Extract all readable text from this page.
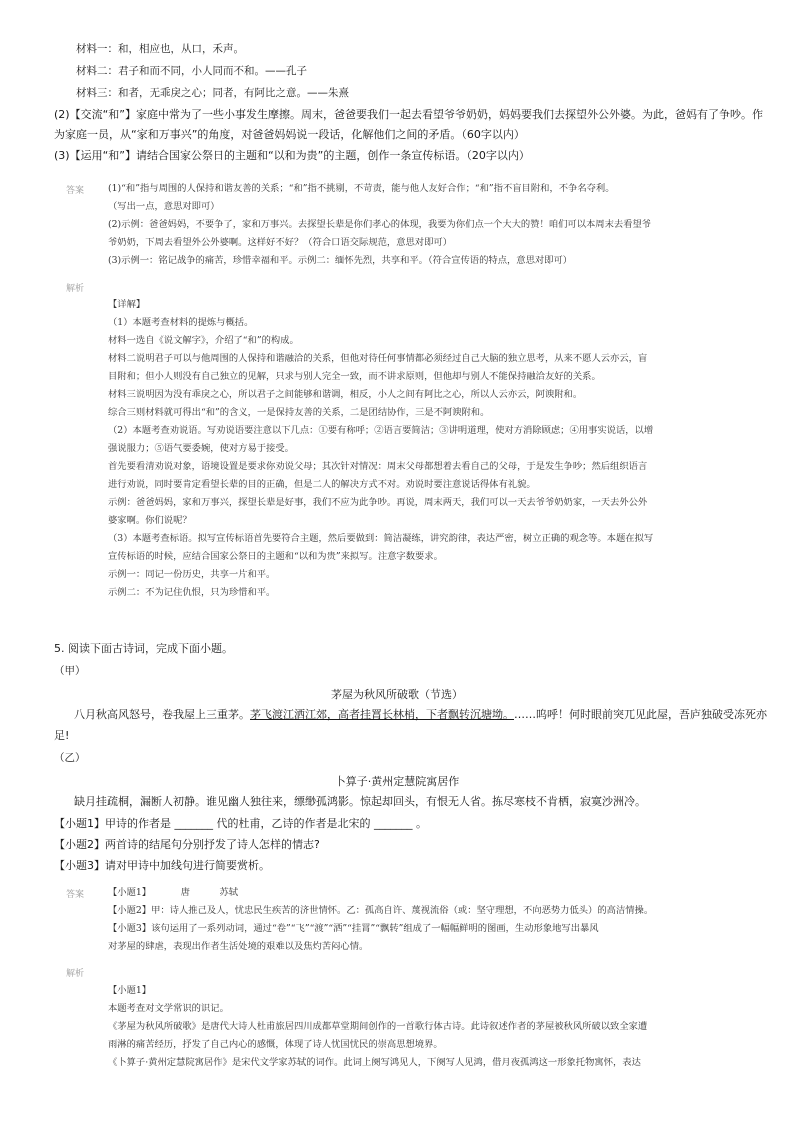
材料一：和，相应也，从口，禾声。
材料二：君子和而不同，小人同而不和。——孔子
材料三：和者，无乖戾之心；同者，有阿比之意。——朱熹
(2)【交流“和”】家庭中常为了一些小事发生摩擦。周末，爸爸要我们一起去看望爷爷奶奶，妈妈要我们去探望外公外婆。为此，爸妈有了争吵。作
为家庭一员，从“家和万事兴”的角度，对爸爸妈妈说一段话，化解他们之间的矛盾。（60字以内）
(3)【运用“和”】请结合国家公祭日的主题和“以和为贵”的主题，创作一条宣传标语。（20字以内）
答案	(1)“和”指与周围的人保持和谐友善的关系；“和”指不挑剔，不苛责，能与他人友好合作；“和”指不盲目附和，不争名夺利。
（写出一点，意思对即可）
(2)示例：爸爸妈妈，不要争了，家和万事兴。去探望长辈是你们孝心的体现，我要为你们点一个大大的赞！咱们可以本周末去看望爷
爷奶奶，下周去看望外公外婆啊。这样好不好？（符合口语交际规范，意思对即可）
(3)示例一：铭记战争的痛苦，珍惜幸福和平。示例二：缅怀先烈，共享和平。（符合宣传语的特点，意思对即可）
解析
【详解】
（1）本题考查材料的提炼与概括。
材料一选自《说文解字》，介绍了“和”的构成。
材料二说明君子可以与他周围的人保持和谐融洽的关系，但他对待任何事情都必须经过自己大脑的独立思考，从来不愿人云亦云，盲
目附和；但小人则没有自己独立的见解，只求与别人完全一致，而不讲求原则，但他却与别人不能保持融洽友好的关系。
材料三说明因为没有乖戾之心，所以君子之间能够和谐调，相反，小人之间有阿比之心，所以人云亦云，阿谀附和。
综合三则材料就可得出“和”的含义，一是保持友善的关系，二是团结协作，三是不阿谀附和。
（2）本题考查劝说语。写劝说语要注意以下几点：①要有称呼；②语言要简洁；③讲明道理，使对方消除顾虑；④用事实说话，以增
强说服力；⑤语气要委婉，使对方易于接受。
首先要看清劝说对象，语境设置是要求你劝说父母；其次针对情况：周末父母都想着去看自己的父母，于是发生争吵；然后组织语言
进行劝说，同时要肯定看望长辈的目的正确，但是二人的解决方式不对。劝说时要注意说话得体有礼貌。
示例：爸爸妈妈，家和万事兴，探望长辈是好事，我们不应为此争吵。再说，周末两天，我们可以一天去爷爷奶奶家，一天去外公外
婆家啊。你们说呢？
（3）本题考查标语。拟写宣传标语首先要符合主题，然后要做到：简洁凝练，讲究韵律，表达严密，树立正确的观念等。本题在拟写
宣传标语的时候，应结合国家公祭日的主题和“以和为贵”来拟写。注意字数要求。
示例一：同记一份历史，共享一片和平。
示例二：不为记住仇恨，只为珍惜和平。
5. 阅读下面古诗词，完成下面小题。
（甲）
茅屋为秋风所破歌（节选）
八月秋高风怒号，卷我屋上三重茅。茅飞渡江洒江郊，高者挂罥长林梢，下者飘转沉塘坳。……呜呼！何时眼前突兀见此屋，吾庐独破受冻死亦
足!
（乙）
卜算子·黄州定慧院寓居作
缺月挂疏桐，漏断人初静。谁见幽人独往来，缥缈孤鸿影。惊起却回头，有恨无人省。拣尽寒枝不肯栖，寂寞沙洲冷。
【小题1】甲诗的作者是 _______ 代的杜甫，乙诗的作者是北宋的 _______ 。
【小题2】两首诗的结尾句分别抒发了诗人怎样的情志?
【小题3】请对甲诗中加线句进行简要赏析。
答案	【小题1】          唐          苏轼
【小题2】甲：诗人推己及人，忧忠民生疾苦的济世情怀。乙：孤高自许、蔑视流俗（或：坚守理想，不向恶势力低头）的高洁情操。
【小题3】该句运用了一系列动词，通过“卷”“飞”“渡”“洒”“挂罥”“飘转”组成了一幅幅鲜明的图画，生动形象地写出暴风
对茅屋的肆虐，表现出作者生活处境的艰难以及焦灼苦闷心情。
解析
【小题1】
本题考查对文学常识的识记。
《茅屋为秋风所破歌》是唐代大诗人杜甫旅居四川成都草堂期间创作的一首歌行体古诗。此诗叙述作者的茅屋被秋风所破以致全家遭
雨淋的痛苦经历，抒发了自己内心的感慨，体现了诗人忧国忧民的崇高思想境界。
《卜算子·黄州定慧院寓居作》是宋代文学家苏轼的词作。此词上阕写鸿见人，下阕写人见鸿，借月夜孤鸿这一形象托物寓怀，表达
